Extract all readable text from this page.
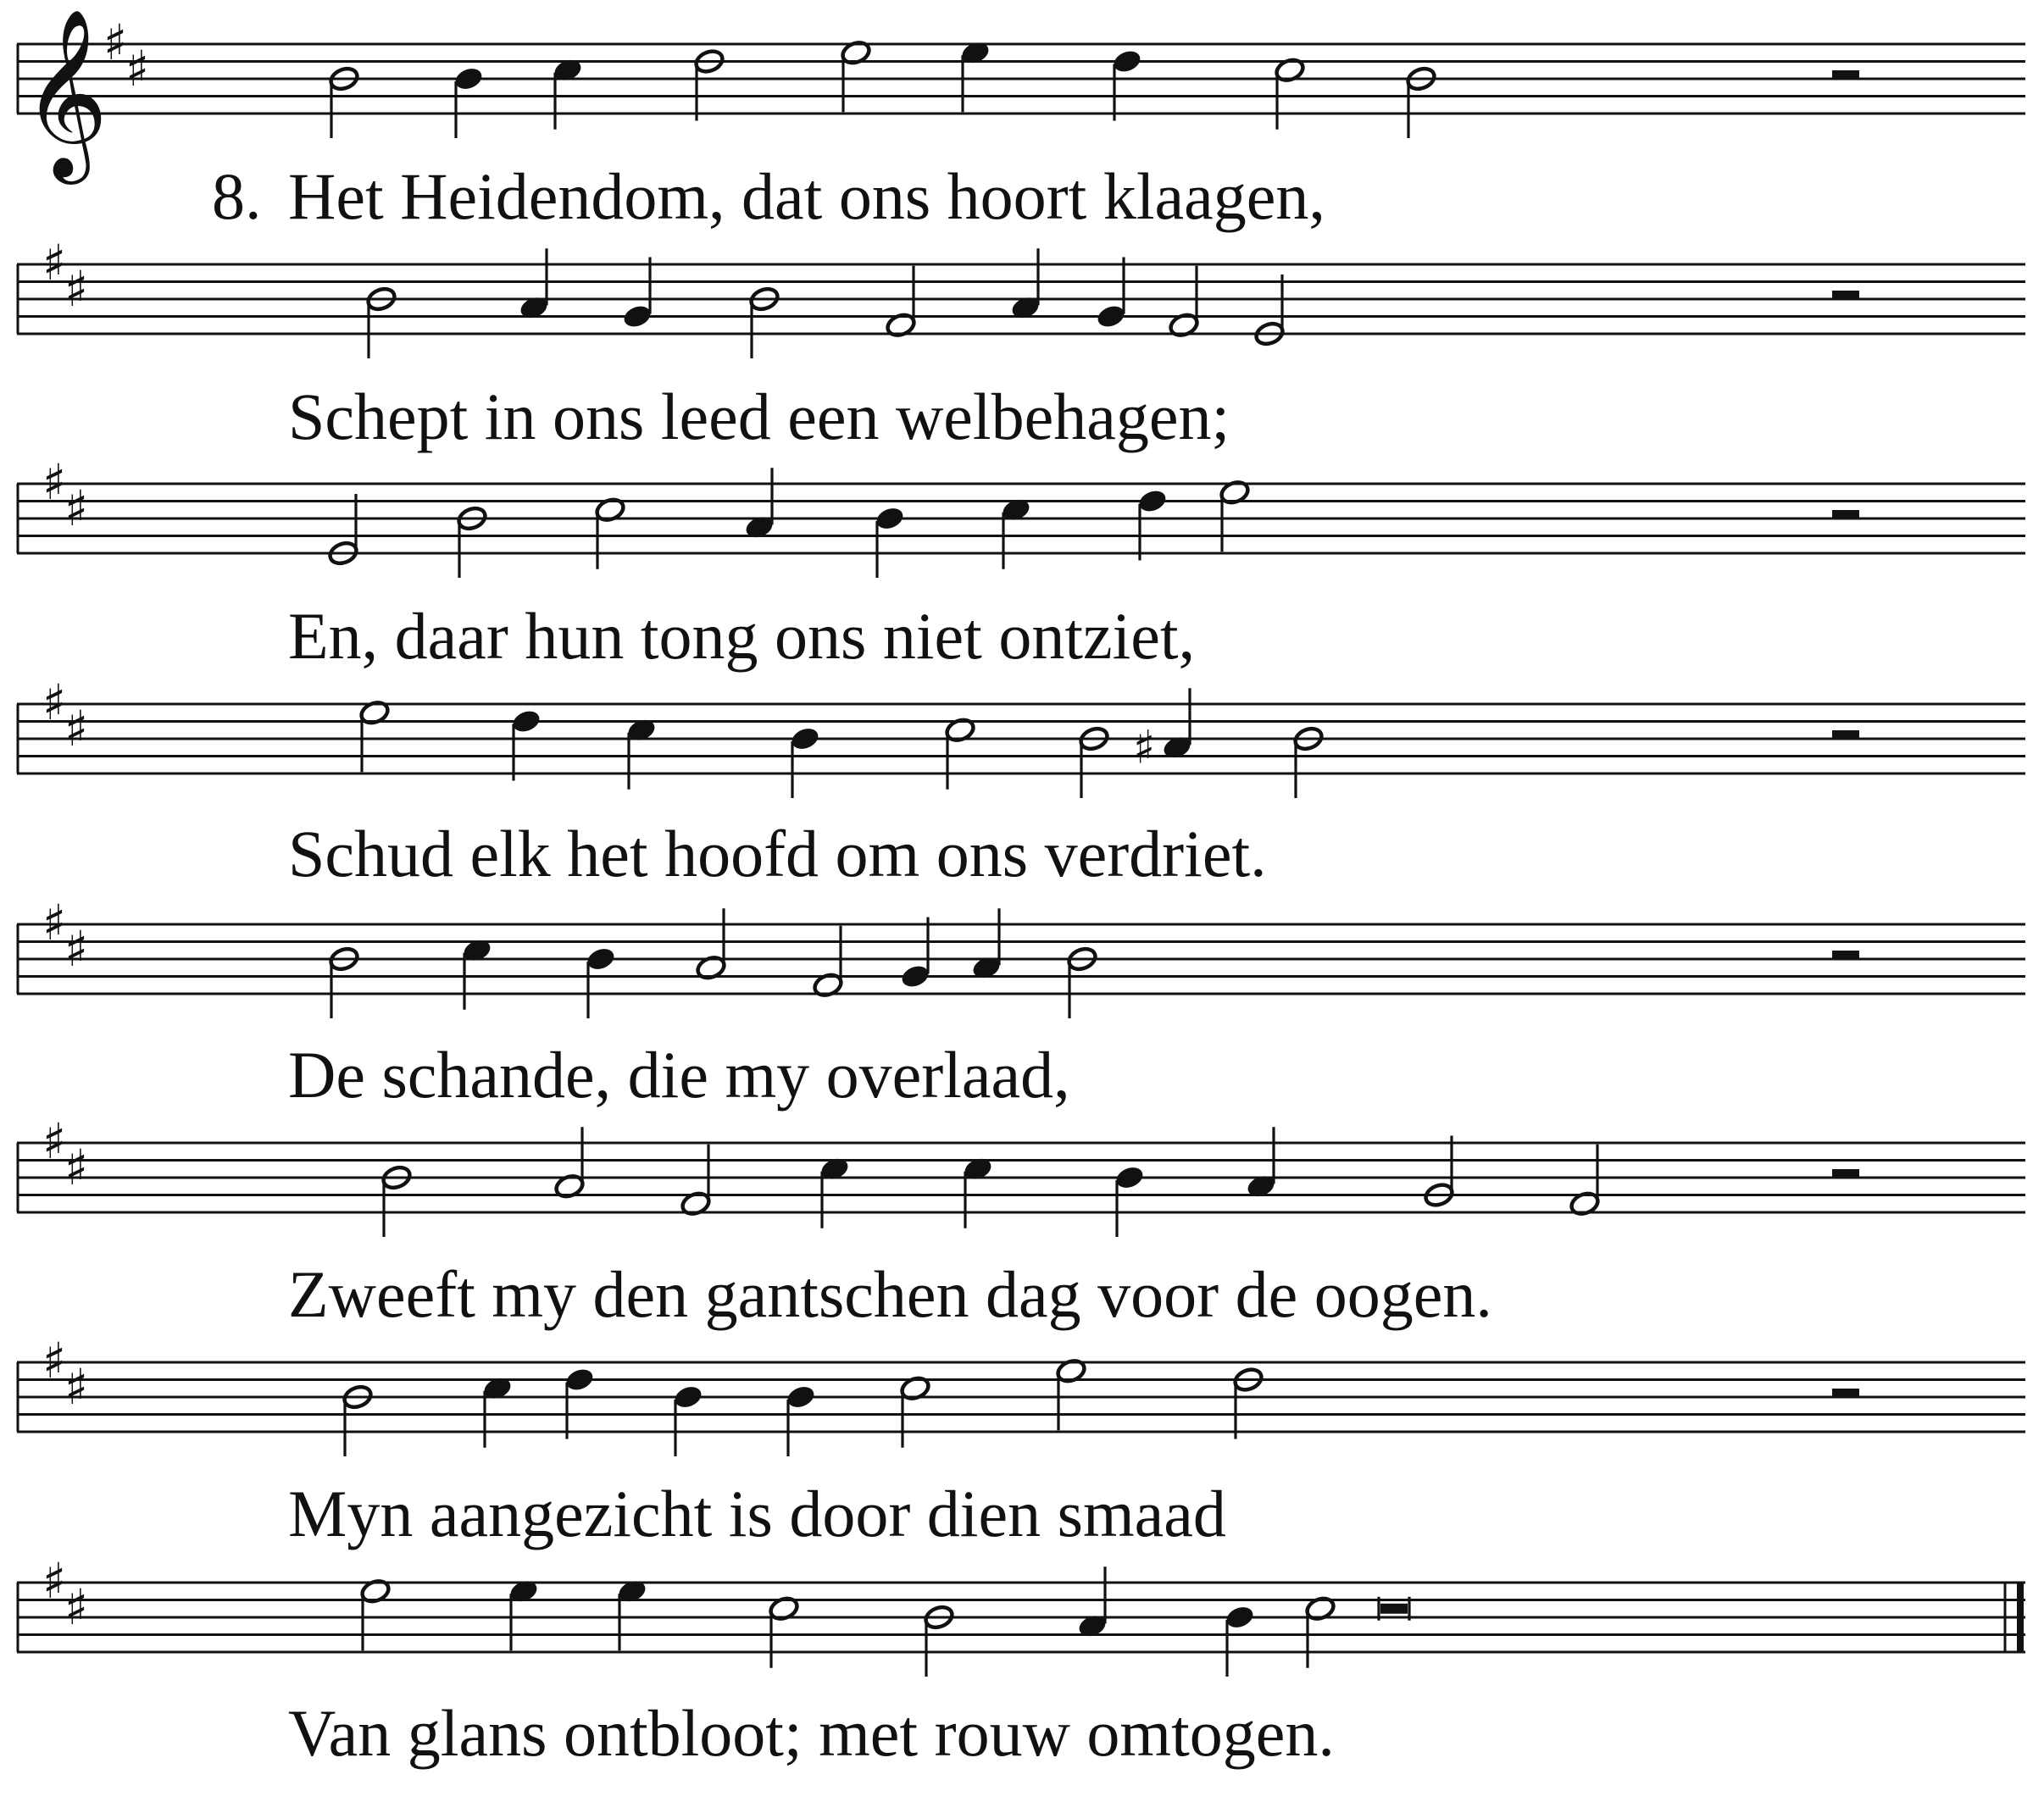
𝄞
♯
♯
8. Het Heidendom, dat ons hoort klaagen,
♯
♯
Schept in ons leed een welbehagen;
♯
♯
En, daar hun tong ons niet ontziet,
♯
♯	♯
Schud elk het hoofd om ons verdriet.
♯
♯
De schande, die my overlaad,
♯
♯
Zweeft my den gantschen dag voor de oogen.
♯
♯
Myn aangezicht is door dien smaad
♯
♯
Van glans ontbloot; met rouw omtogen.
